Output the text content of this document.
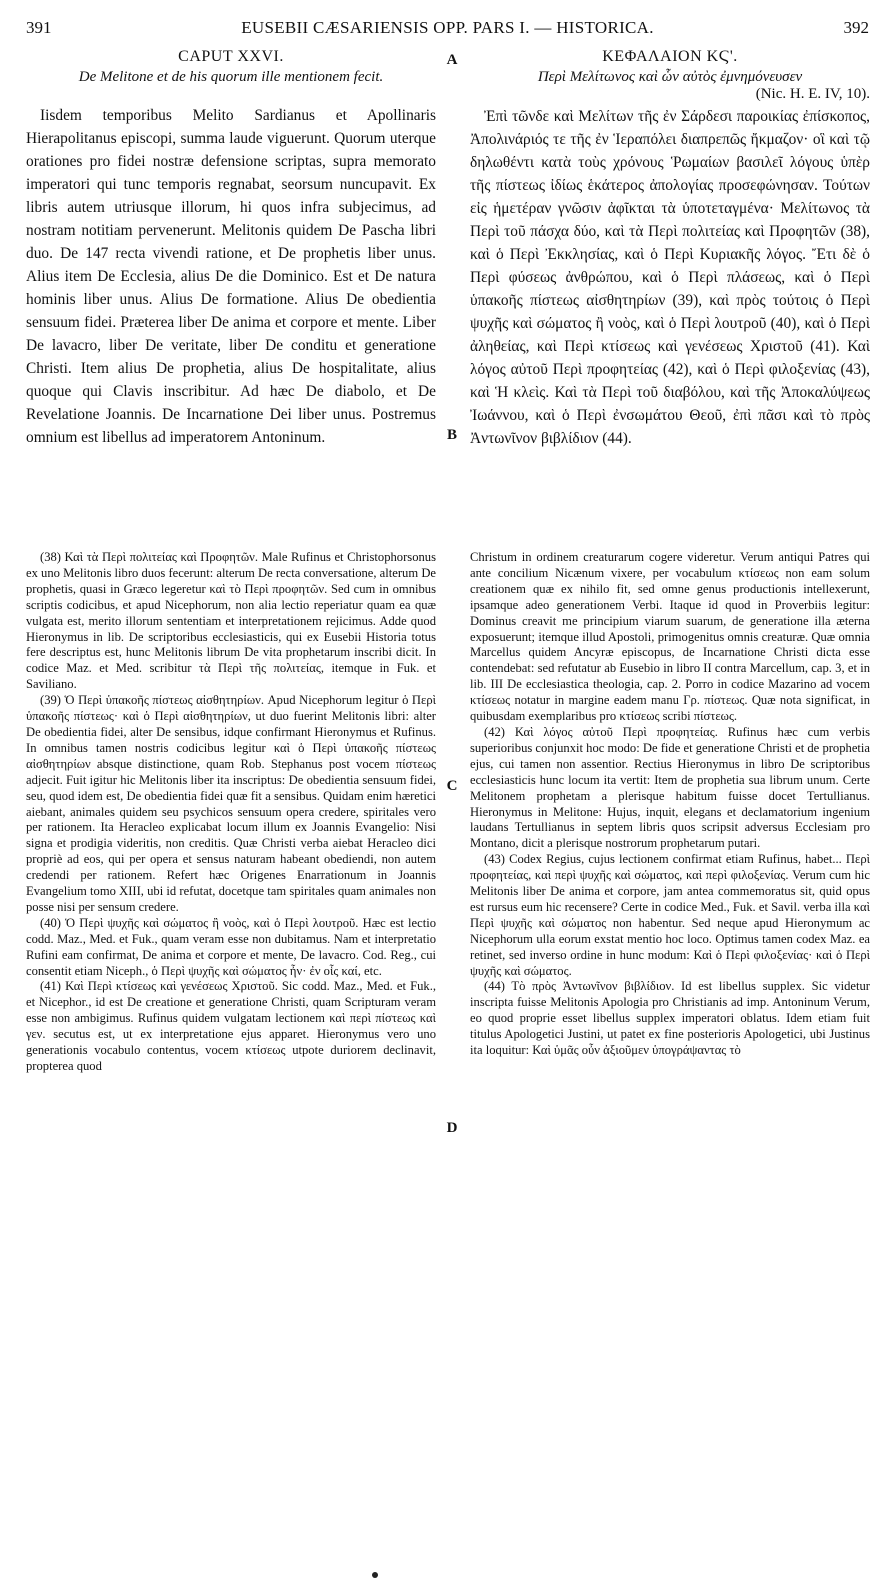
391	EUSEBII CÆSARIENSIS OPP. PARS I. — HISTORICA.	392

CAPUT XXVI.

De Melitone et de his quorum ille mentionem fecit.

Iisdem temporibus Melito Sardianus et Apollinaris Hierapolitanus episcopi, summa laude viguerunt. Quorum uterque orationes pro fidei nostræ defensione scriptas, supra memorato imperatori qui tunc temporis regnabat, seorsum nuncupavit. Ex libris autem utriusque illorum, hi quos infra subjecimus, ad nostram notitiam pervenerunt. Melitonis quidem De Pascha libri duo. De 147 recta vivendi ratione, et De prophetis liber unus. Alius item De Ecclesia, alius De die Dominico. Est et De natura hominis liber unus. Alius De formatione. Alius De obedientia sensuum fidei. Præterea liber De anima et corpore et mente. Liber De lavacro, liber De veritate, liber De conditu et generatione Christi. Item alius De prophetia, alius De hospitalitate, alius quoque qui Clavis inscribitur. Ad hæc De diabolo, et De Revelatione Joannis. De Incarnatione Dei liber unus. Postremus omnium est libellus ad imperatorem Antoninum.

ΚΕΦΑΛΑΙΟΝ ΚϚ'.

Περὶ Μελίτωνος καὶ ὧν αὐτὸς ἐμνημόνευσεν

(Nic. H. E. IV, 10).

Ἐπὶ τῶνδε καὶ Μελίτων τῆς ἐν Σάρδεσι παροικίας ἐπίσκοπος, Ἀπολινάριός τε τῆς ἐν Ἱεραπόλει διαπρεπῶς ἤκμαζον· οἳ καὶ τῷ δηλωθέντι κατὰ τοὺς χρόνους Ῥωμαίων βασιλεῖ λόγους ὑπὲρ τῆς πίστεως ἰδίως ἑκάτερος ἀπολογίας προσεφώνησαν. Τούτων εἰς ἡμετέραν γνῶσιν ἀφῖκται τὰ ὑποτεταγμένα· Μελίτωνος τὰ Περὶ τοῦ πάσχα δύο, καὶ τὰ Περὶ πολιτείας καὶ Προφητῶν (38), καὶ ὁ Περὶ Ἐκκλησίας, καὶ ὁ Περὶ Κυριακῆς λόγος. Ἔτι δὲ ὁ Περὶ φύσεως ἀνθρώπου, καὶ ὁ Περὶ πλάσεως, καὶ ὁ Περὶ ὑπακοῆς πίστεως αἰσθητηρίων (39), καὶ πρὸς τούτοις ὁ Περὶ ψυχῆς καὶ σώματος ἢ νοὸς, καὶ ὁ Περὶ λουτροῦ (40), καὶ ὁ Περὶ ἀληθείας, καὶ Περὶ κτίσεως καὶ γενέσεως Χριστοῦ (41). Καὶ λόγος αὐτοῦ Περὶ προφητείας (42), καὶ ὁ Περὶ φιλοξενίας (43), καὶ Ἡ κλεὶς. Καὶ τὰ Περὶ τοῦ διαβόλου, καὶ τῆς Ἀποκαλύψεως Ἰωάννου, καὶ ὁ Περὶ ἐνσωμάτου Θεοῦ, ἐπὶ πᾶσι καὶ τὸ πρὸς Ἀντωνῖνον βιβλίδιον (44).

A
B
C
D

(38) Καὶ τὰ Περὶ πολιτείας καὶ Προφητῶν. Male Rufinus et Christophorsonus ex uno Melitonis libro duos fecerunt: alterum De recta conversatione, alterum De prophetis, quasi in Græco legeretur καὶ τὸ Περὶ προφητῶν. Sed cum in omnibus scriptis codicibus, et apud Nicephorum, non alia lectio reperiatur quam ea quæ vulgata est, merito illorum sententiam et interpretationem rejicimus. Adde quod Hieronymus in lib. De scriptoribus ecclesiasticis, qui ex Eusebii Historia totus fere descriptus est, hunc Melitonis librum De vita prophetarum inscribi dicit. In codice Maz. et Med. scribitur τὰ Περὶ τῆς πολιτείας, itemque in Fuk. et Saviliano.

(39) Ὁ Περὶ ὑπακοῆς πίστεως αἰσθητηρίων. Apud Nicephorum legitur ὁ Περὶ ὑπακοῆς πίστεως· καὶ ὁ Περὶ αἰσθητηρίων, ut duo fuerint Melitonis libri: alter De obedientia fidei, alter De sensibus, idque confirmant Hieronymus et Rufinus. In omnibus tamen nostris codicibus legitur καὶ ὁ Περὶ ὑπακοῆς πίστεως αἰσθητηρίων absque distinctione, quam Rob. Stephanus post vocem πίστεως adjecit. Fuit igitur hic Melitonis liber ita inscriptus: De obedientia sensuum fidei, seu, quod idem est, De obedientia fidei quæ fit a sensibus. Quidam enim hæretici aiebant, animales quidem seu psychicos sensuum opera credere, spiritales vero per rationem. Ita Heracleo explicabat locum illum ex Joannis Evangelio: Nisi signa et prodigia videritis, non creditis. Quæ Christi verba aiebat Heracleo dici propriè ad eos, qui per opera et sensus naturam habeant obediendi, non autem credendi per rationem. Refert hæc Origenes Enarrationum in Joannis Evangelium tomo XIII, ubi id refutat, docetque tam spiritales quam animales non posse nisi per sensum credere.

(40) Ὁ Περὶ ψυχῆς καὶ σώματος ἢ νοὸς, καὶ ὁ Περὶ λουτροῦ. Hæc est lectio codd. Maz., Med. et Fuk., quam veram esse non dubitamus. Nam et interpretatio Rufini eam confirmat, De anima et corpore et mente, De lavacro. Cod. Reg., cui consentit etiam Niceph., ὁ Περὶ ψυχῆς καὶ σώματος ἦν· ἐν οἷς καί, etc.

(41) Καὶ Περὶ κτίσεως καὶ γενέσεως Χριστοῦ. Sic codd. Maz., Med. et Fuk., et Nicephor., id est De creatione et generatione Christi, quam Scripturam veram esse non ambigimus. Rufinus quidem vulgatam lectionem καὶ περὶ πίστεως καὶ γεν. secutus est, ut ex interpretatione ejus apparet. Hieronymus vero uno generationis vocabulo contentus, vocem κτίσεως utpote duriorem declinavit, propterea quod

Christum in ordinem creaturarum cogere videretur. Verum antiqui Patres qui ante concilium Nicænum vixere, per vocabulum κτίσεως non eam solum creationem quæ ex nihilo fit, sed omne genus productionis intellexerunt, ipsamque adeo generationem Verbi. Itaque id quod in Proverbiis legitur: Dominus creavit me principium viarum suarum, de generatione illa æterna exposuerunt; itemque illud Apostoli, primogenitus omnis creaturæ. Quæ omnia Marcellus quidem Ancyræ episcopus, de Incarnatione Christi dicta esse contendebat: sed refutatur ab Eusebio in libro II contra Marcellum, cap. 3, et in lib. III De ecclesiastica theologia, cap. 2. Porro in codice Mazarino ad vocem κτίσεως notatur in margine eadem manu Γρ. πίστεως. Quæ nota significat, in quibusdam exemplaribus pro κτίσεως scribi πίστεως.

(42) Καὶ λόγος αὐτοῦ Περὶ προφητείας. Rufinus hæc cum verbis superioribus conjunxit hoc modo: De fide et generatione Christi et de prophetia ejus, cui tamen non assentior. Rectius Hieronymus in libro De scriptoribus ecclesiasticis hunc locum ita vertit: Item de prophetia sua librum unum. Certe Melitonem prophetam a plerisque habitum fuisse docet Tertullianus. Hieronymus in Melitone: Hujus, inquit, elegans et declamatorium ingenium laudans Tertullianus in septem libris quos scripsit adversus Ecclesiam pro Montano, dicit a plerisque nostrorum prophetarum putari.

(43) Codex Regius, cujus lectionem confirmat etiam Rufinus, habet... Περὶ προφητείας, καὶ περὶ ψυχῆς καὶ σώματος, καὶ περὶ φιλοξενίας. Verum cum hic Melitonis liber De anima et corpore, jam antea commemoratus sit, quid opus est rursus eum hic recensere? Certe in codice Med., Fuk. et Savil. verba illa καὶ Περὶ ψυχῆς καὶ σώματος non habentur. Sed neque apud Hieronymum ac Nicephorum ulla eorum exstat mentio hoc loco. Optimus tamen codex Maz. ea retinet, sed inverso ordine in hunc modum: Καὶ ὁ Περὶ φιλοξενίας· καὶ ὁ Περὶ ψυχῆς καὶ σώματος.

(44) Τὸ πρὸς Ἀντωνῖνον βιβλίδιον. Id est libellus supplex. Sic videtur inscripta fuisse Melitonis Apologia pro Christianis ad imp. Antoninum Verum, eo quod proprie esset libellus supplex imperatori oblatus. Idem etiam fuit titulus Apologetici Justini, ut patet ex fine posterioris Apologetici, ubi Justinus ita loquitur: Καὶ ὑμᾶς οὖν ἀξιοῦμεν ὑπογράψαντας τὸ
